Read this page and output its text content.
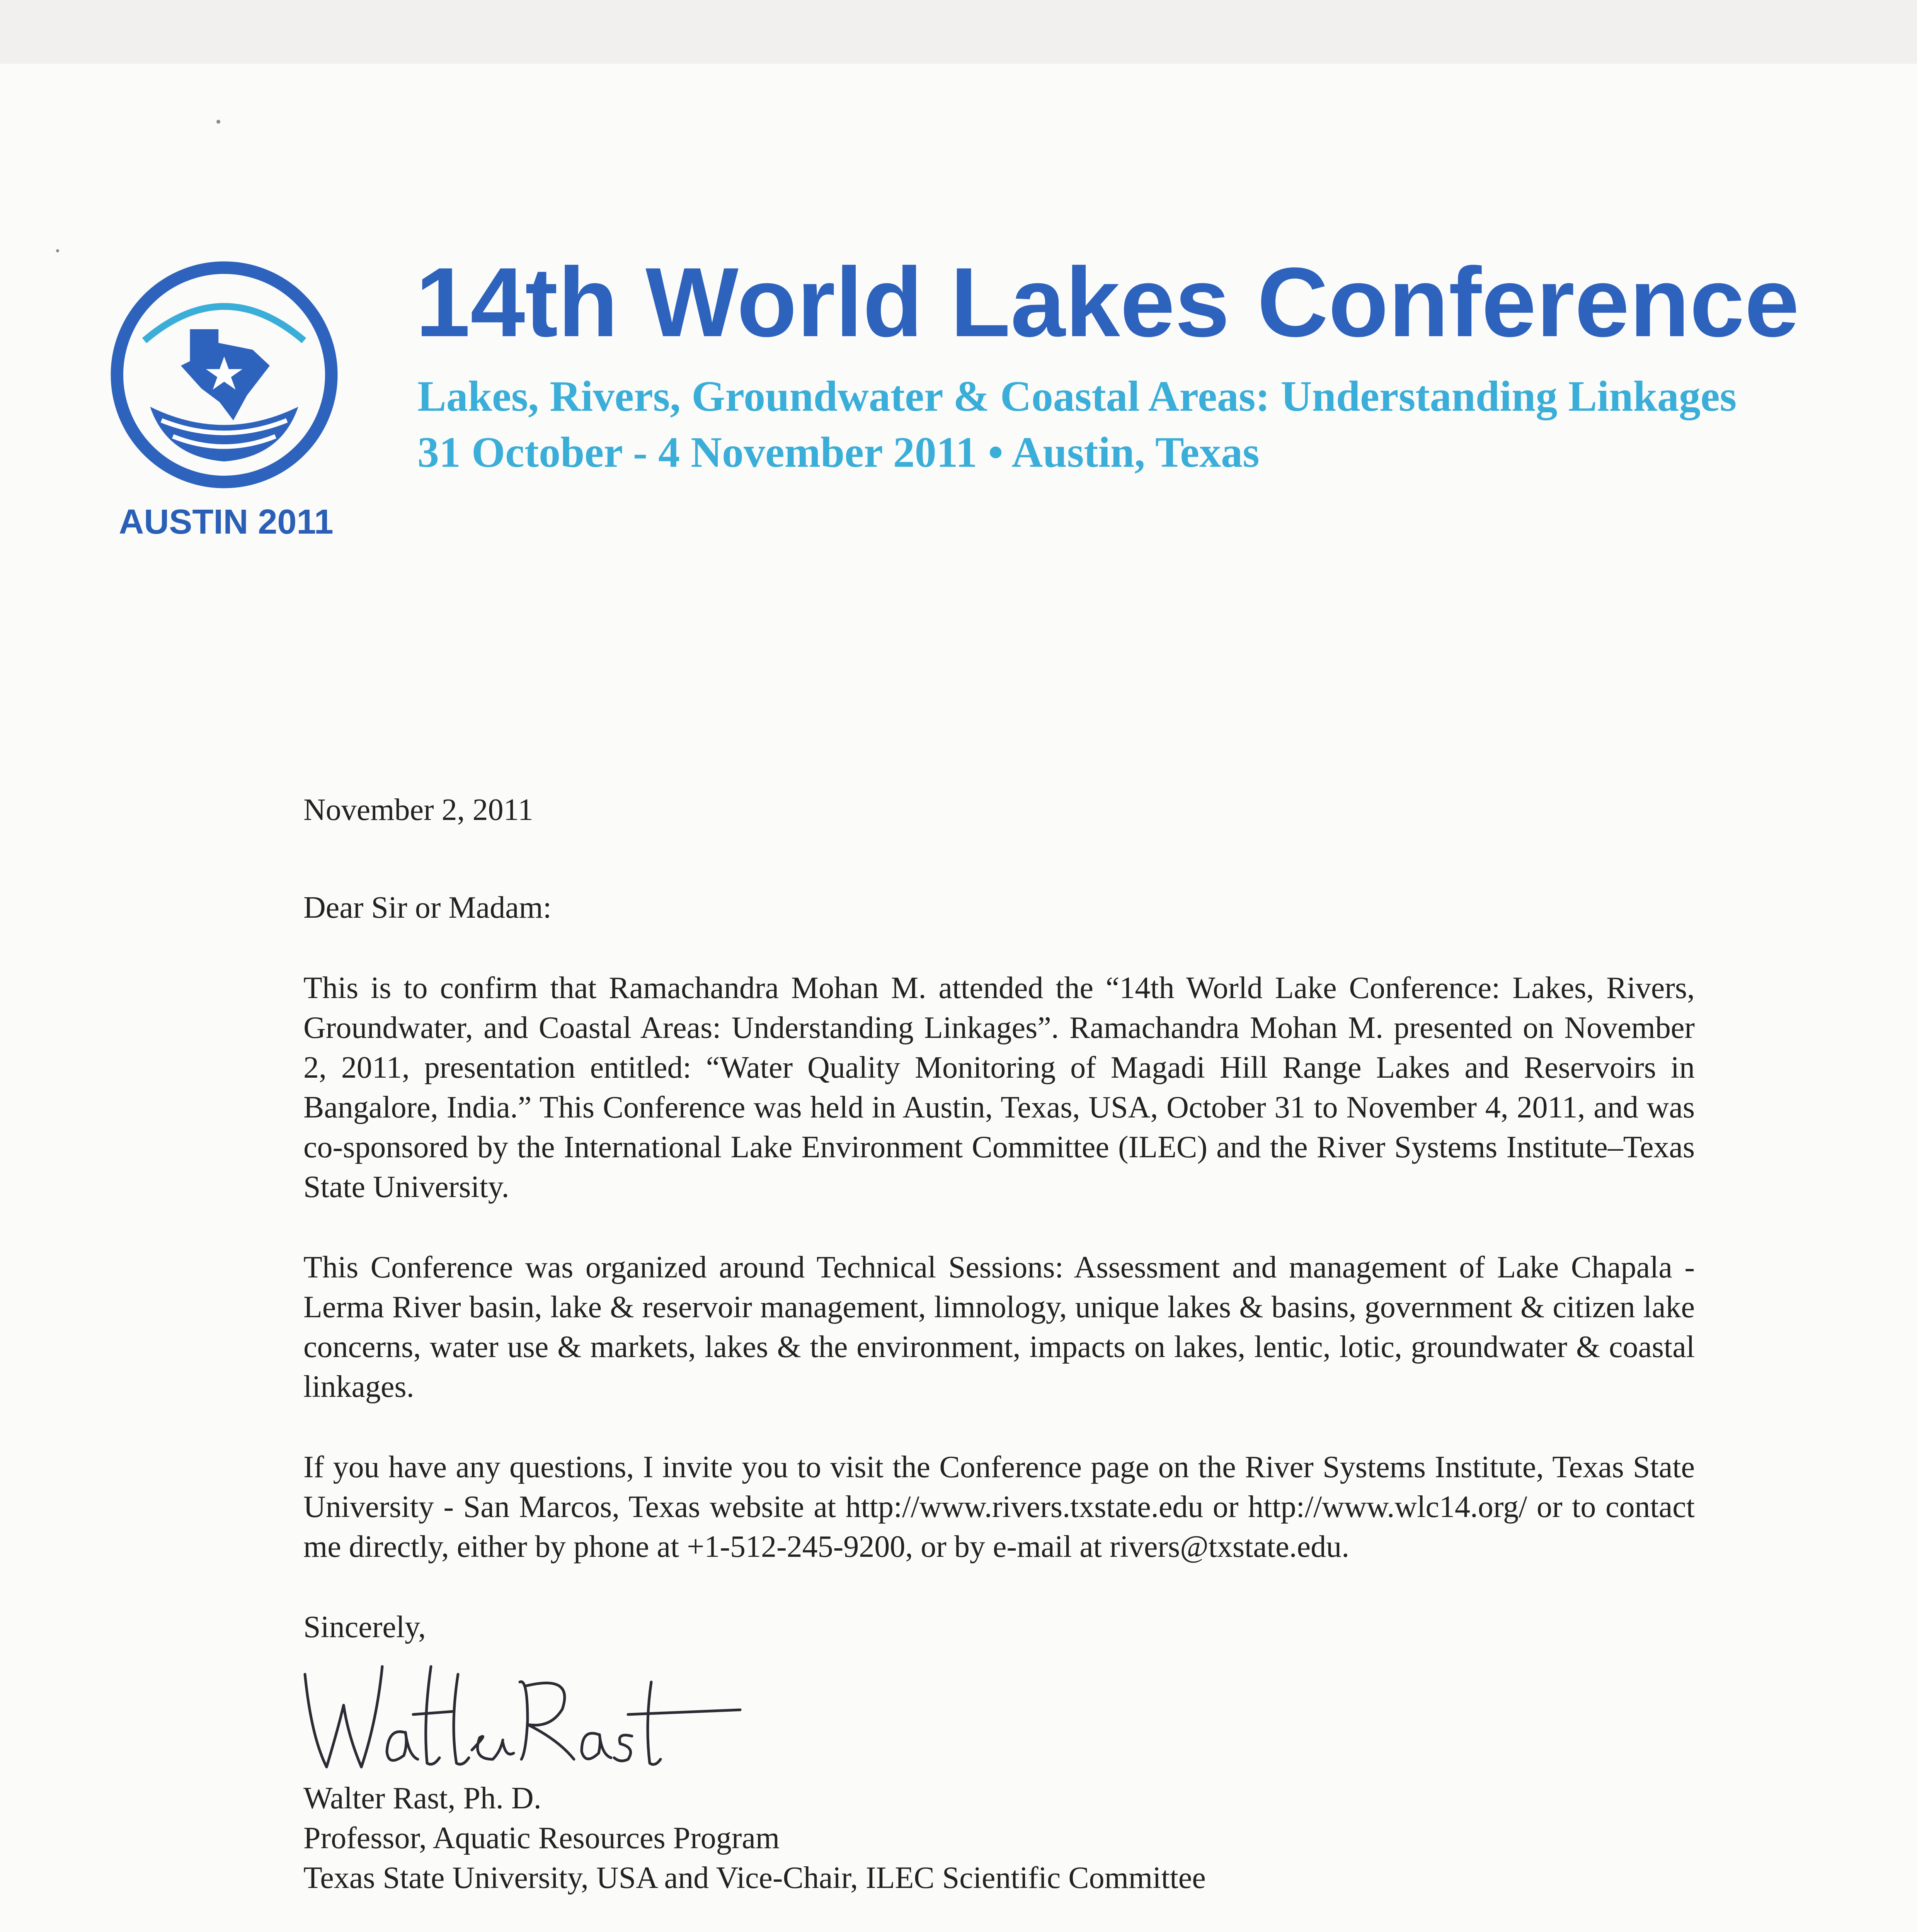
AUSTIN 2011
14th World Lakes Conference
Lakes, Rivers, Groundwater & Coastal Areas: Understanding Linkages
31 October - 4 November 2011 • Austin, Texas

November 2, 2011

Dear Sir or Madam:

This is to confirm that Ramachandra Mohan M. attended the “14th World Lake Conference: Lakes, Rivers, Groundwater, and Coastal Areas: Understanding Linkages”. Ramachandra Mohan M. presented on November 2, 2011, presentation entitled: “Water Quality Monitoring of Magadi Hill Range Lakes and Reservoirs in Bangalore, India.” This Conference was held in Austin, Texas, USA, October 31 to November 4, 2011, and was co-sponsored by the International Lake Environment Committee (ILEC) and the River Systems Institute–Texas State University.

This Conference was organized around Technical Sessions: Assessment and management of Lake Chapala - Lerma River basin, lake & reservoir management, limnology, unique lakes & basins, government & citizen lake concerns, water use & markets, lakes & the environment, impacts on lakes, lentic, lotic, groundwater & coastal linkages.

If you have any questions, I invite you to visit the Conference page on the River Systems Institute, Texas State University - San Marcos, Texas website at http://www.rivers.txstate.edu or http://www.wlc14.org/ or to contact me directly, either by phone at +1-512-245-9200, or by e-mail at rivers@txstate.edu.

Sincerely,

Walter Rast, Ph. D.

Professor, Aquatic Resources Program

Texas State University, USA and Vice-Chair, ILEC Scientific Committee
